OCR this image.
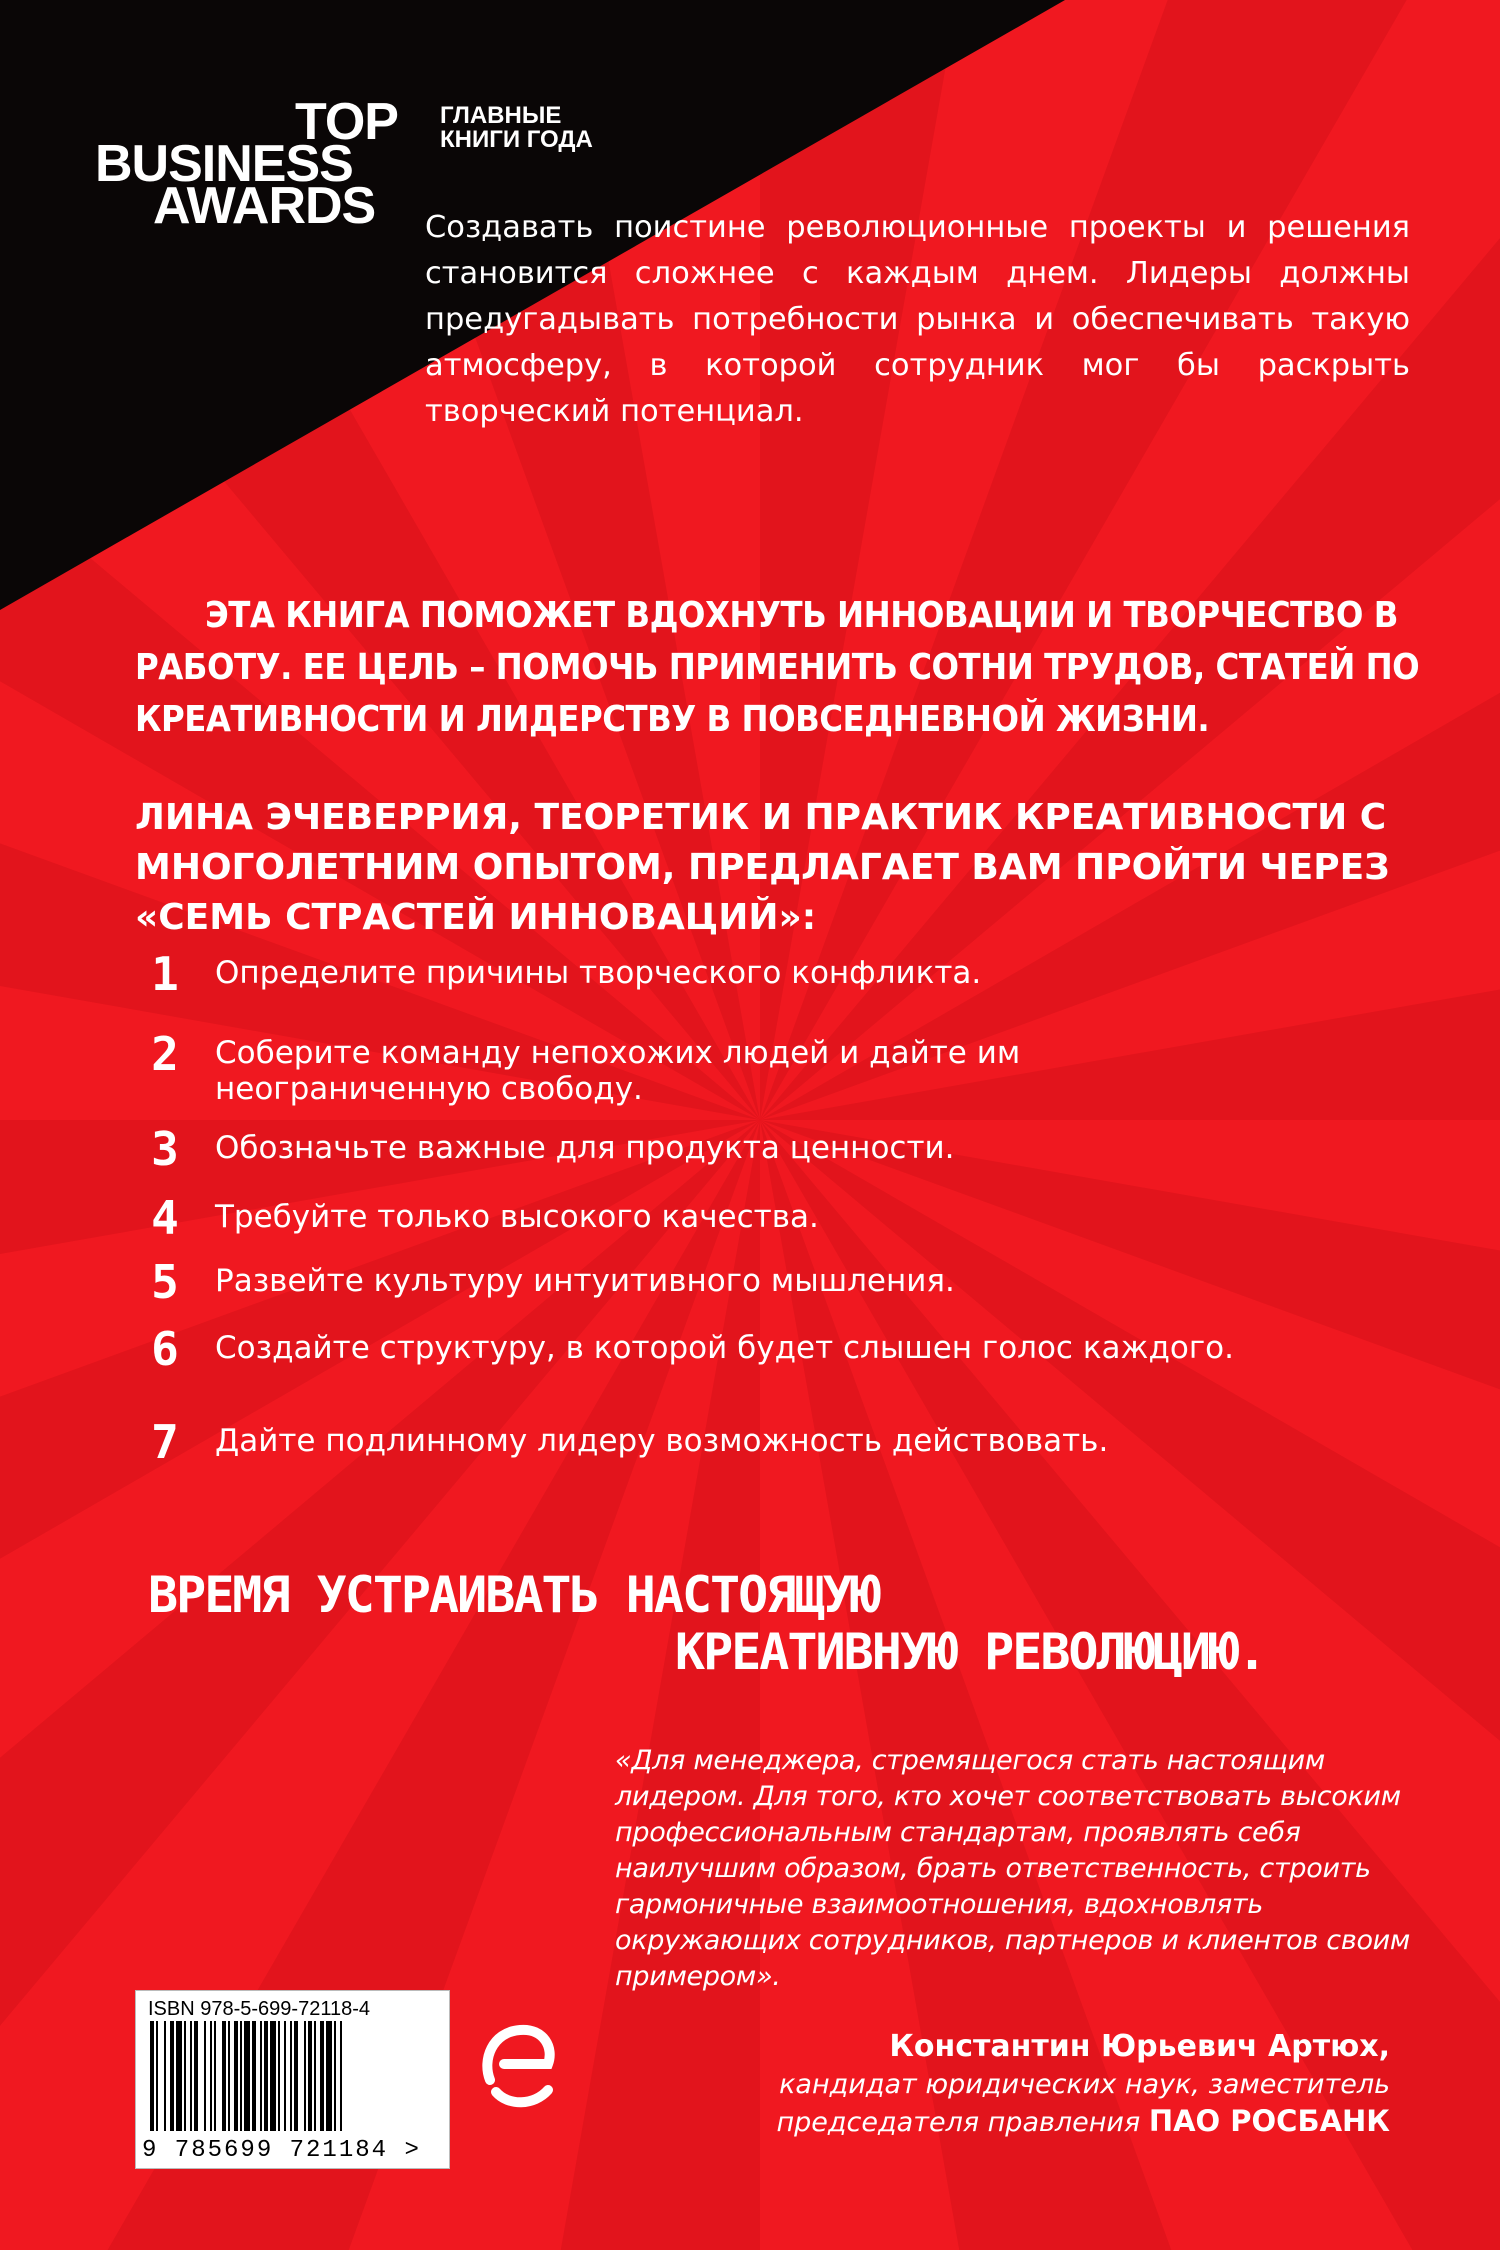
TOP
BUSINESS
AWARDS
ГЛАВНЫЕ
КНИГИ ГОДА

Создавать поистине революционные проекты и решения становится сложнее с каждым днем. Лидеры должны предугадывать потребности рынка и обеспечивать такую атмосферу, в которой сотрудник мог бы раскрыть творческий потенциал.

ЭТА КНИГА ПОМОЖЕТ ВДОХНУТЬ ИННОВАЦИИ И ТВОРЧЕСТВО В РАБОТУ. ЕЕ ЦЕЛЬ – ПОМОЧЬ ПРИМЕНИТЬ СОТНИ ТРУДОВ, СТАТЕЙ ПО КРЕАТИВНОСТИ И ЛИДЕРСТВУ В ПОВСЕДНЕВНОЙ ЖИЗНИ.

ЛИНА ЭЧЕВЕРРИЯ, ТЕОРЕТИК И ПРАКТИК КРЕАТИВНОСТИ С МНОГОЛЕТНИМ ОПЫТОМ, ПРЕДЛАГАЕТ ВАМ ПРОЙТИ ЧЕРЕЗ «СЕМЬ СТРАСТЕЙ ИННОВАЦИЙ»:

1	Определите причины творческого конфликта.
2	Соберите команду непохожих людей и дайте им неограниченную свободу.
3	Обозначьте важные для продукта ценности.
4	Требуйте только высокого качества.
5	Развейте культуру интуитивного мышления.
6	Создайте структуру, в которой будет слышен голос каждого.
7	Дайте подлинному лидеру возможность действовать.
ВРЕМЯ УСТРАИВАТЬ НАСТОЯЩУЮ
КРЕАТИВНУЮ РЕВОЛЮЦИЮ.

«Для менеджера, стремящегося стать настоящим лидером. Для того, кто хочет соответствовать высоким профессиональным стандартам, проявлять себя наилучшим образом, брать ответственность, строить гармоничные взаимоотношения, вдохновлять окружающих сотрудников, партнеров и клиентов своим примером».

Константин Юрьевич Артюх,
кандидат юридических наук, заместитель
председателя правления ПАО РОСБАНК
ISBN 978-5-699-72118-4
9 785699 721184 >
